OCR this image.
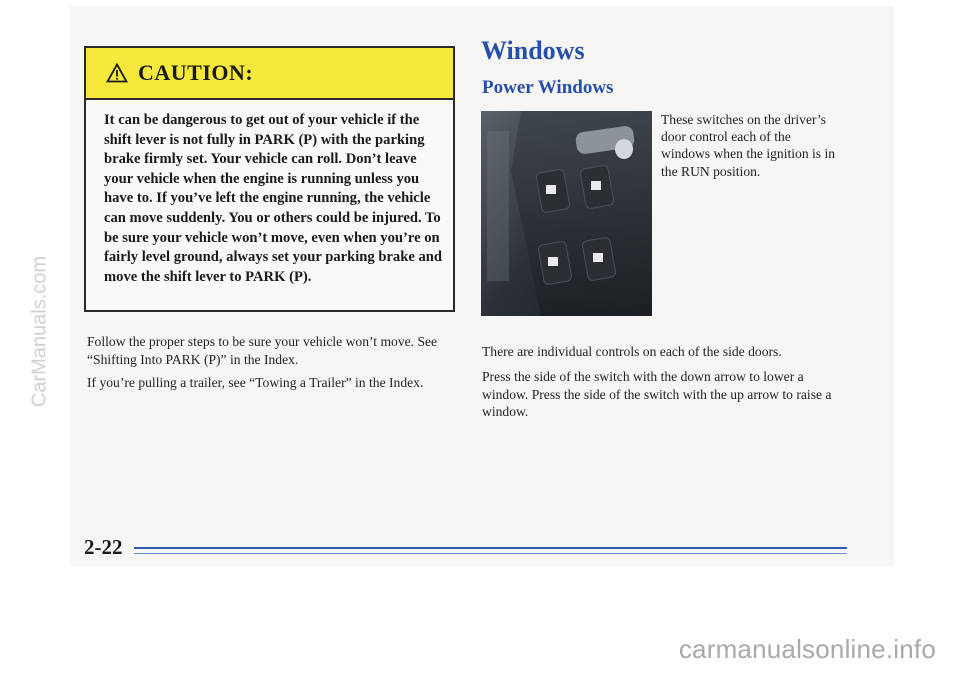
CAUTION:
It can be dangerous to get out of your vehicle if the shift lever is not fully in PARK (P) with the parking brake firmly set. Your vehicle can roll. Don’t leave your vehicle when the engine is running unless you have to. If you’ve left the engine running, the vehicle can move suddenly. You or others could be injured. To be sure your vehicle won’t move, even when you’re on fairly level ground, always set your parking brake and move the shift lever to PARK (P).
Follow the proper steps to be sure your vehicle won’t move. See “Shifting Into PARK (P)” in the Index.
If you’re pulling a trailer, see “Towing a Trailer” in the Index.
Windows
Power Windows
These switches on the driver’s door control each of the windows when the ignition is in the RUN position.
There are individual controls on each of the side doors.
Press the side of the switch with the down arrow to lower a window. Press the side of the switch with the up arrow to raise a window.
2-22
CarManuals.com
carmanualsonline.info
